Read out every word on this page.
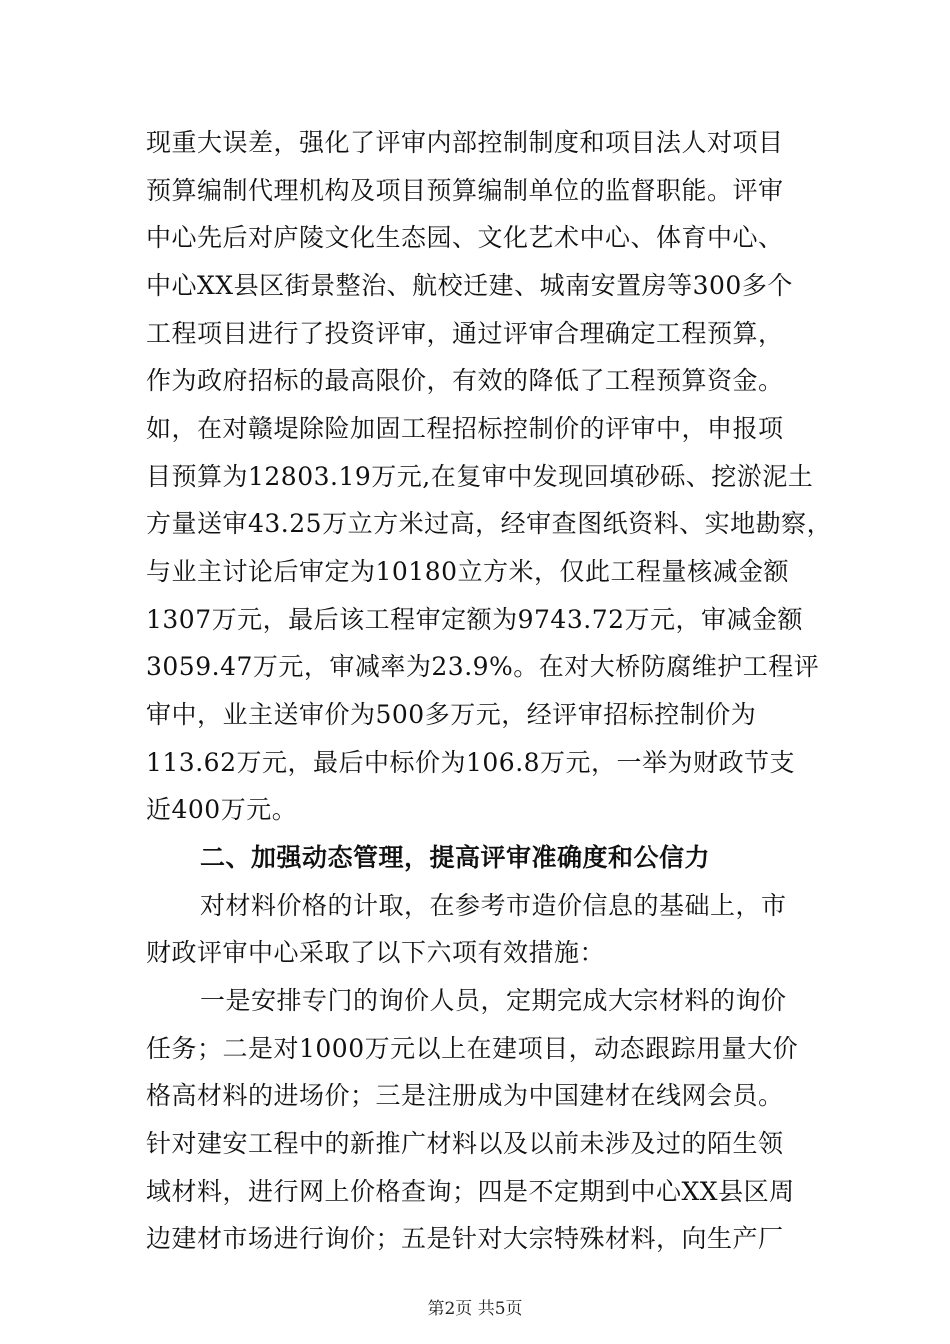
现重大误差，强化了评审内部控制制度和项目法人对项目
预算编制代理机构及项目预算编制单位的监督职能。评审
中心先后对庐陵文化生态园、文化艺术中心、体育中心、
中心XX县区街景整治、航校迁建、城南安置房等300多个
工程项目进行了投资评审，通过评审合理确定工程预算，
作为政府招标的最高限价，有效的降低了工程预算资金。
如，在对赣堤除险加固工程招标控制价的评审中，申报项
目预算为12803.19万元,在复审中发现回填砂砾、挖淤泥土
方量送审43.25万立方米过高，经审查图纸资料、实地勘察，
与业主讨论后审定为10180立方米，仅此工程量核减金额
1307万元，最后该工程审定额为9743.72万元，审减金额
3059.47万元，审减率为23.9%。在对大桥防腐维护工程评
审中，业主送审价为500多万元，经评审招标控制价为
113.62万元，最后中标价为106.8万元，一举为财政节支
近400万元。
二、加强动态管理，提高评审准确度和公信力
对材料价格的计取，在参考市造价信息的基础上，市
财政评审中心采取了以下六项有效措施：
一是安排专门的询价人员，定期完成大宗材料的询价
任务；二是对1000万元以上在建项目，动态跟踪用量大价
格高材料的进场价；三是注册成为中国建材在线网会员。
针对建安工程中的新推广材料以及以前未涉及过的陌生领
域材料，进行网上价格查询；四是不定期到中心XX县区周
边建材市场进行询价；五是针对大宗特殊材料，向生产厂
第2页 共5页
